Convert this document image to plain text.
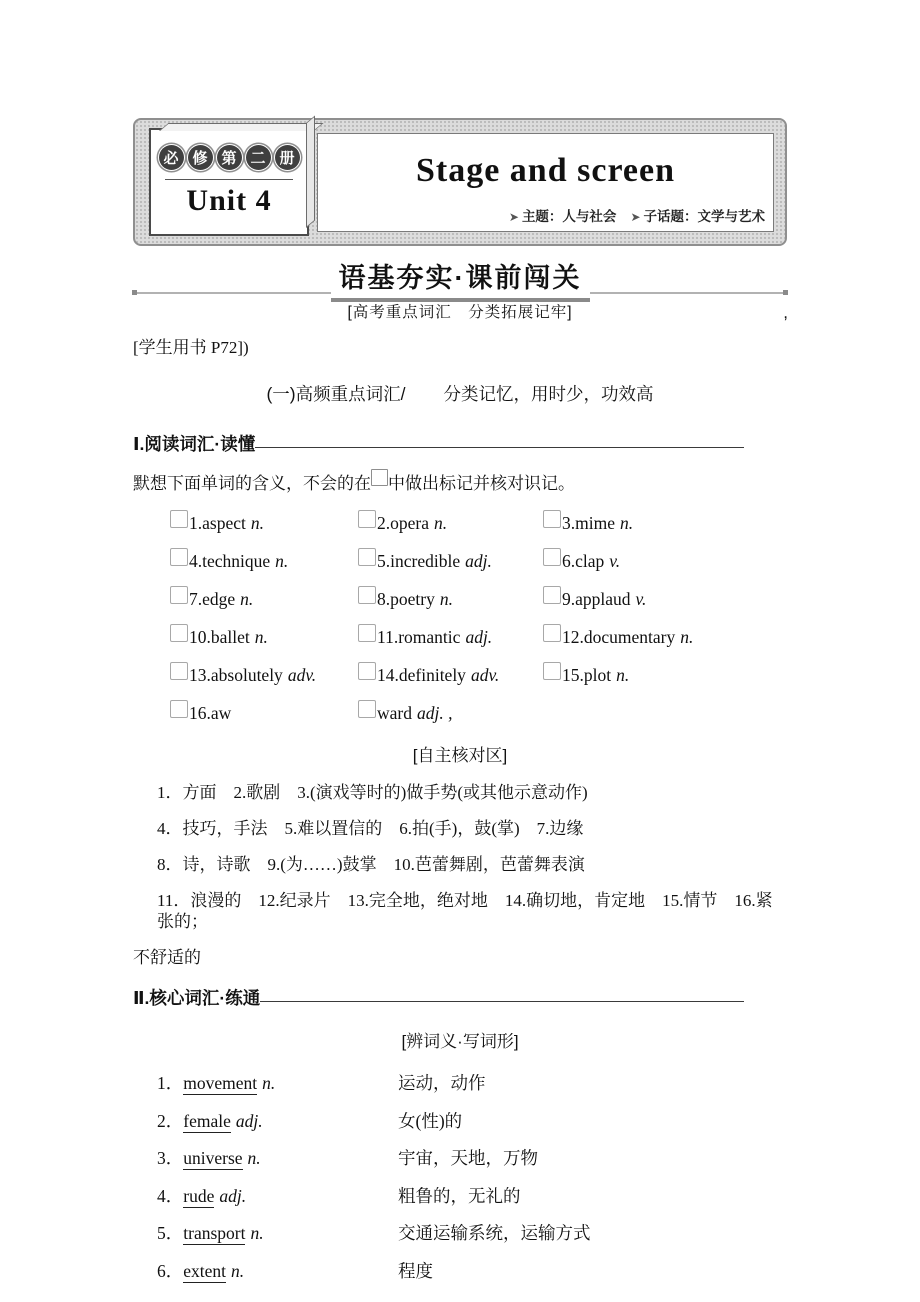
必 修 第 二 册
Unit 4
Stage and screen
➤ 主题：人与社会 ➤ 子话题：文学与艺术
语基夯实·课前闯关
[高考重点词汇　分类拓展记牢]	,
[学生用书 P72])
(一)高频重点词汇/ 分类记忆，用时少，功效高
Ⅰ.阅读词汇·读懂
默想下面单词的含义，不会的在 中做出标记并核对识记。
1.aspect n.	2.opera n.	3.mime n.
4.technique n.	5.incredible adj.	6.clap v.
7.edge n.	8.poetry n.	9.applaud v.
10.ballet n.	11.romantic adj.	12.documentary n.
13.absolutely adv.	14.definitely adv.	15.plot n.
16.aw	ward adj. ,
[自主核对区]
1．方面　2.歌剧　3.(演戏等时的)做手势(或其他示意动作)
4．技巧，手法　5.难以置信的　6.拍(手)，鼓(掌)　7.边缘
8．诗，诗歌　9.(为……)鼓掌　10.芭蕾舞剧，芭蕾舞表演
11．浪漫的　12.纪录片　13.完全地，绝对地　14.确切地，肯定地　15.情节　16.紧张的；
不舒适的
Ⅱ.核心词汇·练通
[辨词义·写词形]
1．movement n.	运动，动作
2．female adj.	女(性)的
3．universe n.	宇宙，天地，万物
4．rude adj.	粗鲁的，无礼的
5．transport n.	交通运输系统，运输方式
6．extent n.	程度
